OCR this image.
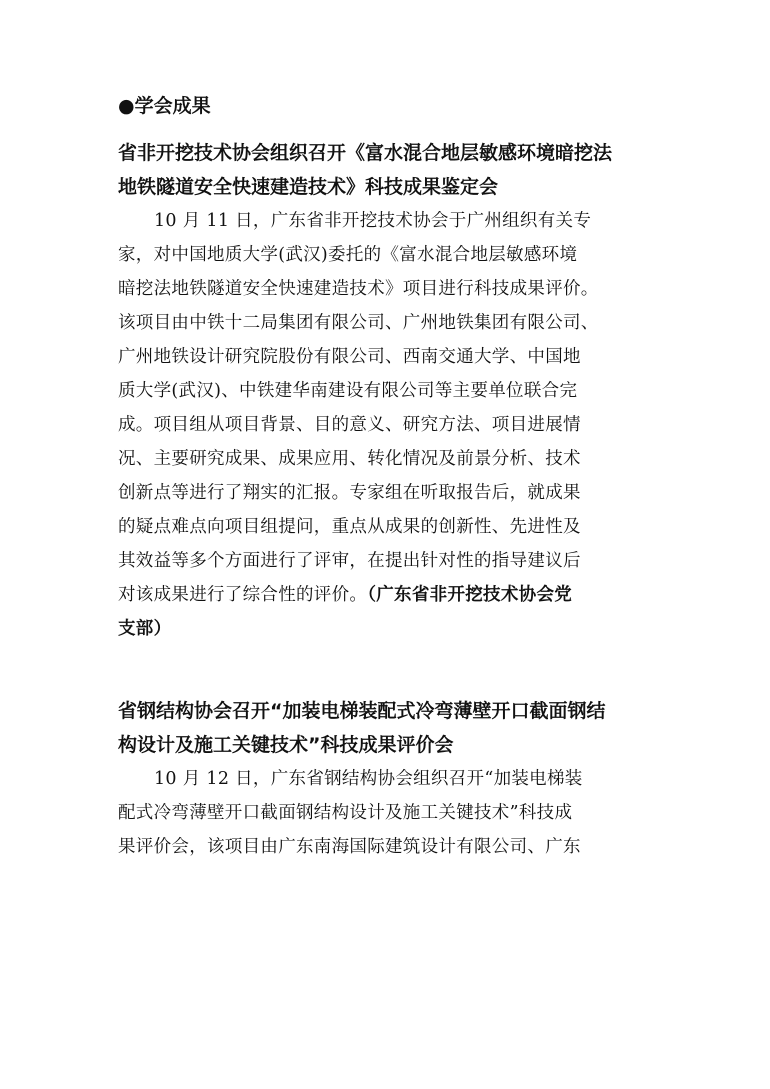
●学会成果
省非开挖技术协会组织召开《富水混合地层敏感环境暗挖法
地铁隧道安全快速建造技术》科技成果鉴定会
10 月 11 日，广东省非开挖技术协会于广州组织有关专
家，对中国地质大学(武汉)委托的《富水混合地层敏感环境
暗挖法地铁隧道安全快速建造技术》项目进行科技成果评价。
该项目由中铁十二局集团有限公司、广州地铁集团有限公司、
广州地铁设计研究院股份有限公司、西南交通大学、中国地
质大学(武汉)、中铁建华南建设有限公司等主要单位联合完
成。项目组从项目背景、目的意义、研究方法、项目进展情
况、主要研究成果、成果应用、转化情况及前景分析、技术
创新点等进行了翔实的汇报。专家组在听取报告后，就成果
的疑点难点向项目组提问，重点从成果的创新性、先进性及
其效益等多个方面进行了评审，在提出针对性的指导建议后
对该成果进行了综合性的评价。（广东省非开挖技术协会党
支部）
省钢结构协会召开“加装电梯装配式冷弯薄壁开口截面钢结
构设计及施工关键技术”科技成果评价会
10 月 12 日，广东省钢结构协会组织召开“加装电梯装
配式冷弯薄壁开口截面钢结构设计及施工关键技术”科技成
果评价会，该项目由广东南海国际建筑设计有限公司、广东
